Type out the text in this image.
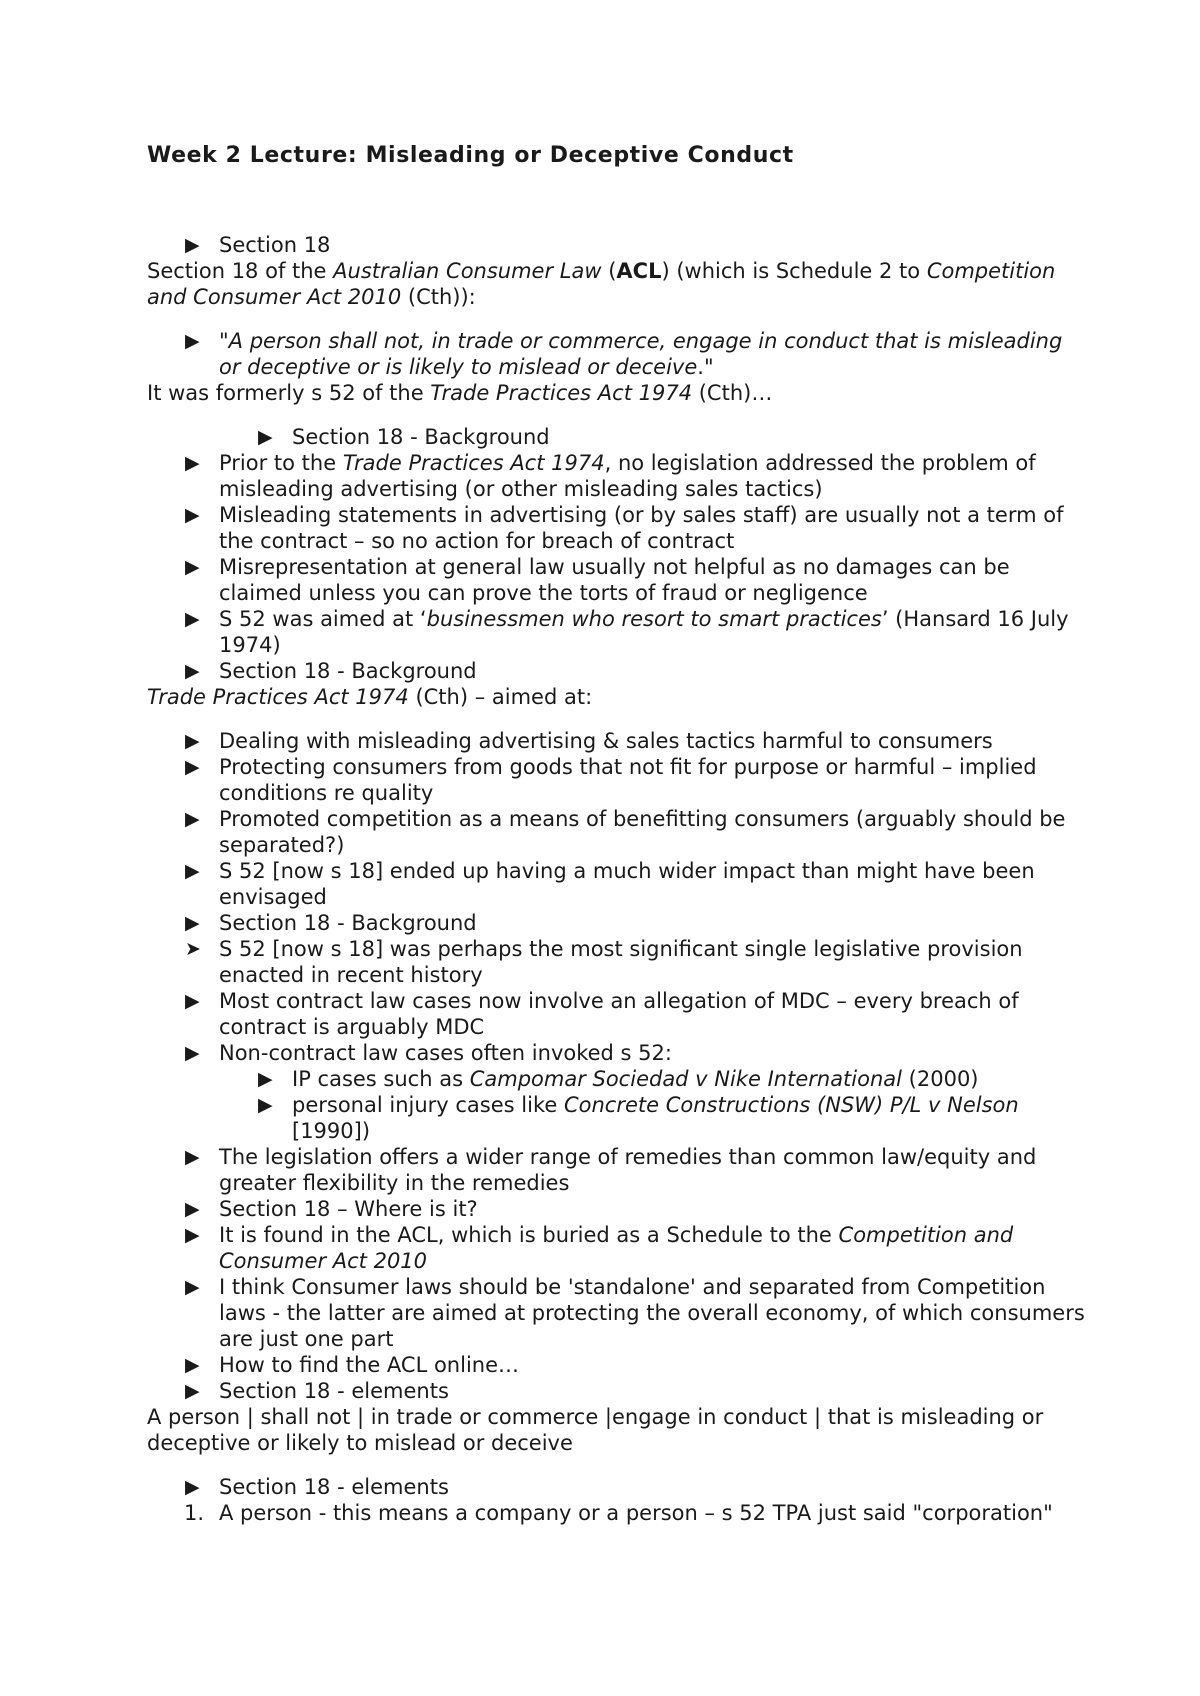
Week 2 Lecture: Misleading or Deceptive Conduct
▶ Section 18
Section 18 of the Australian Consumer Law (ACL) (which is Schedule 2 to Competition and Consumer Act 2010 (Cth)):
▶ "A person shall not, in trade or commerce, engage in conduct that is misleading or deceptive or is likely to mislead or deceive."
It was formerly s 52 of the Trade Practices Act 1974 (Cth)…
▶ Section 18 - Background
▶ Prior to the Trade Practices Act 1974, no legislation addressed the problem of misleading advertising (or other misleading sales tactics)
▶ Misleading statements in advertising (or by sales staff) are usually not a term of the contract – so no action for breach of contract
▶ Misrepresentation at general law usually not helpful as no damages can be claimed unless you can prove the torts of fraud or negligence
▶ S 52 was aimed at ‘businessmen who resort to smart practices’ (Hansard 16 July 1974)
▶ Section 18 - Background
Trade Practices Act 1974 (Cth) – aimed at:
▶ Dealing with misleading advertising & sales tactics harmful to consumers
▶ Protecting consumers from goods that not fit for purpose or harmful – implied conditions re quality
▶ Promoted competition as a means of benefitting consumers (arguably should be separated?)
▶ S 52 [now s 18] ended up having a much wider impact than might have been envisaged
▶ Section 18 - Background
➤ S 52 [now s 18] was perhaps the most significant single legislative provision enacted in recent history
▶ Most contract law cases now involve an allegation of MDC – every breach of contract is arguably MDC
▶ Non-contract law cases often invoked s 52:
▶ IP cases such as Campomar Sociedad v Nike International (2000)
▶ personal injury cases like Concrete Constructions (NSW) P/L v Nelson [1990])
▶ The legislation offers a wider range of remedies than common law/equity and greater flexibility in the remedies
▶ Section 18 – Where is it?
▶ It is found in the ACL, which is buried as a Schedule to the Competition and Consumer Act 2010
▶ I think Consumer laws should be 'standalone' and separated from Competition laws - the latter are aimed at protecting the overall economy, of which consumers are just one part
▶ How to find the ACL online…
▶ Section 18 - elements
A person | shall not | in trade or commerce |engage in conduct | that is misleading or deceptive or likely to mislead or deceive
▶ Section 18 - elements
1. A person - this means a company or a person – s 52 TPA just said "corporation"
